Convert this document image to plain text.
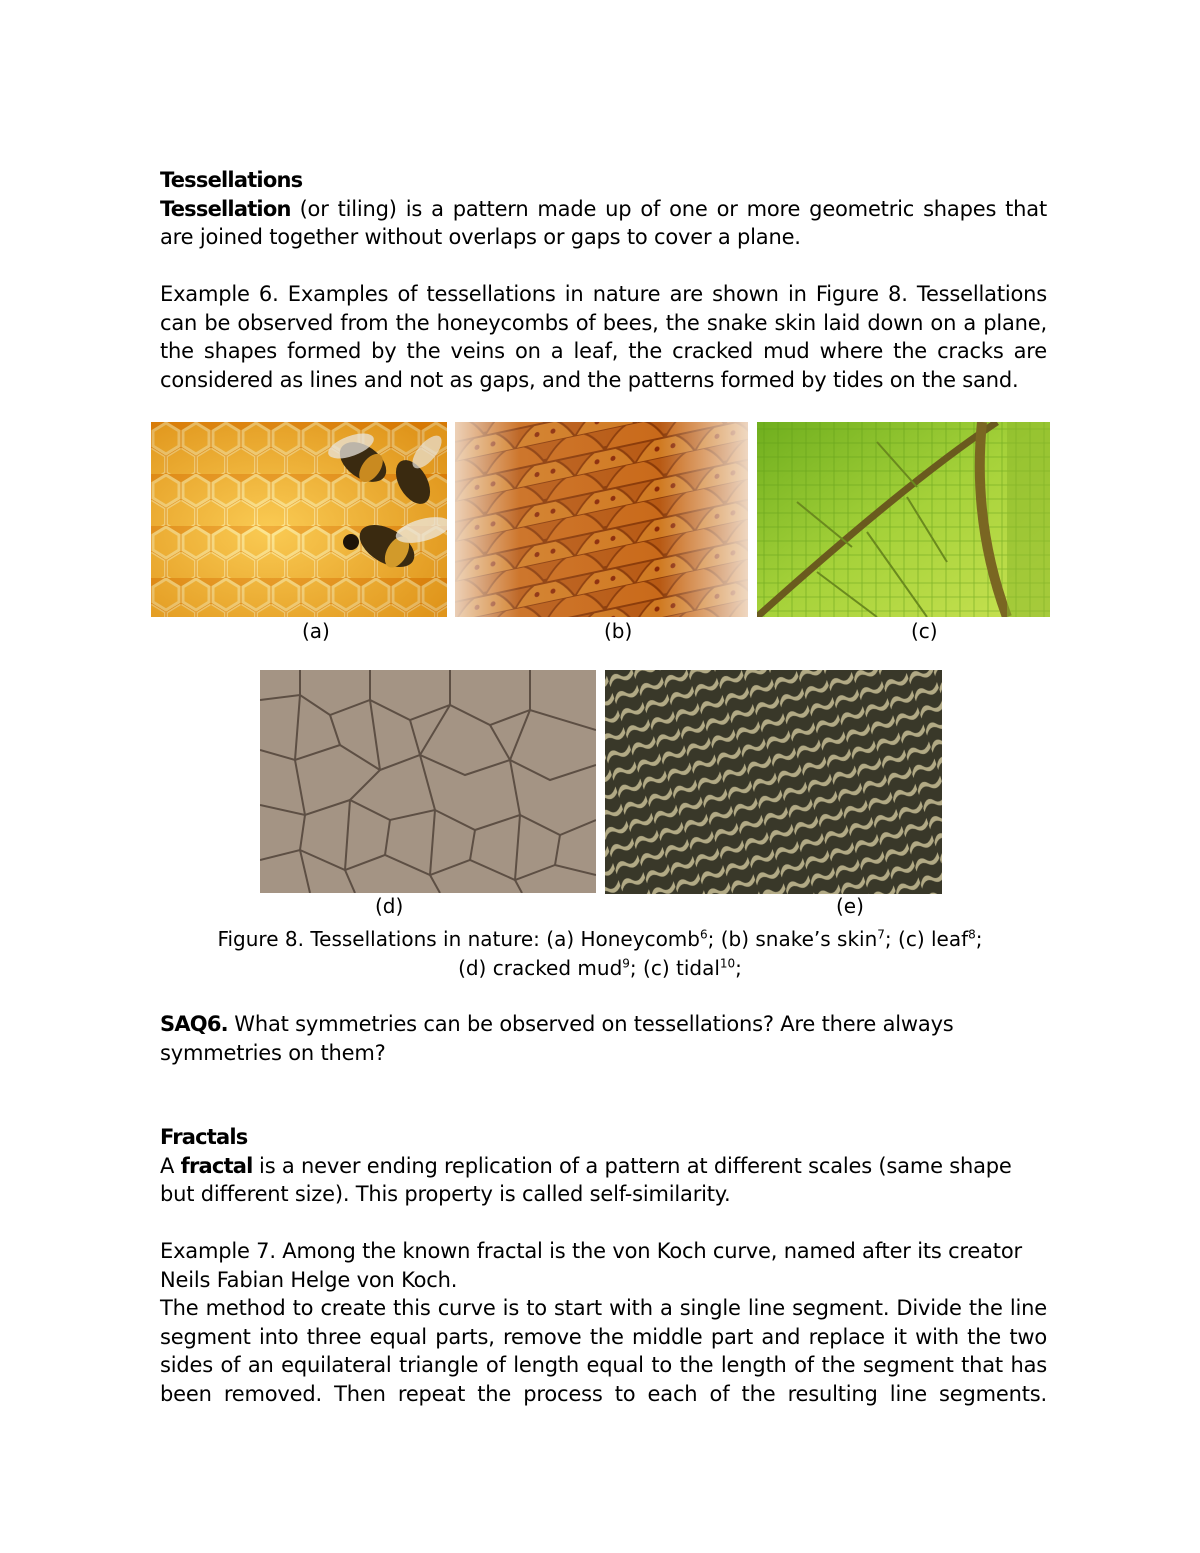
Tessellations
Tessellation (or tiling) is a pattern made up of one or more geometric shapes that are joined together without overlaps or gaps to cover a plane.
Example 6. Examples of tessellations in nature are shown in Figure 8. Tessellations can be observed from the honeycombs of bees, the snake skin laid down on a plane, the shapes formed by the veins on a leaf, the cracked mud where the cracks are considered as lines and not as gaps, and the patterns formed by tides on the sand.
(a)	(b)	(c)
(d)	(e)
Figure 8. Tessellations in nature: (a) Honeycomb$^6$; (b) snake’s skin$^7$; (c) leaf$^8$;
(d) cracked mud$^9$; (c) tidal$^{10}$;
SAQ6. What symmetries can be observed on tessellations? Are there always symmetries on them?
Fractals
A fractal is a never ending replication of a pattern at different scales (same shape but different size). This property is called self-similarity.
Example 7. Among the known fractal is the von Koch curve, named after its creator Neils Fabian Helge von Koch.
The method to create this curve is to start with a single line segment. Divide the line segment into three equal parts, remove the middle part and replace it with the two sides of an equilateral triangle of length equal to the length of the segment that has been removed. Then repeat the process to each of the resulting line segments.
